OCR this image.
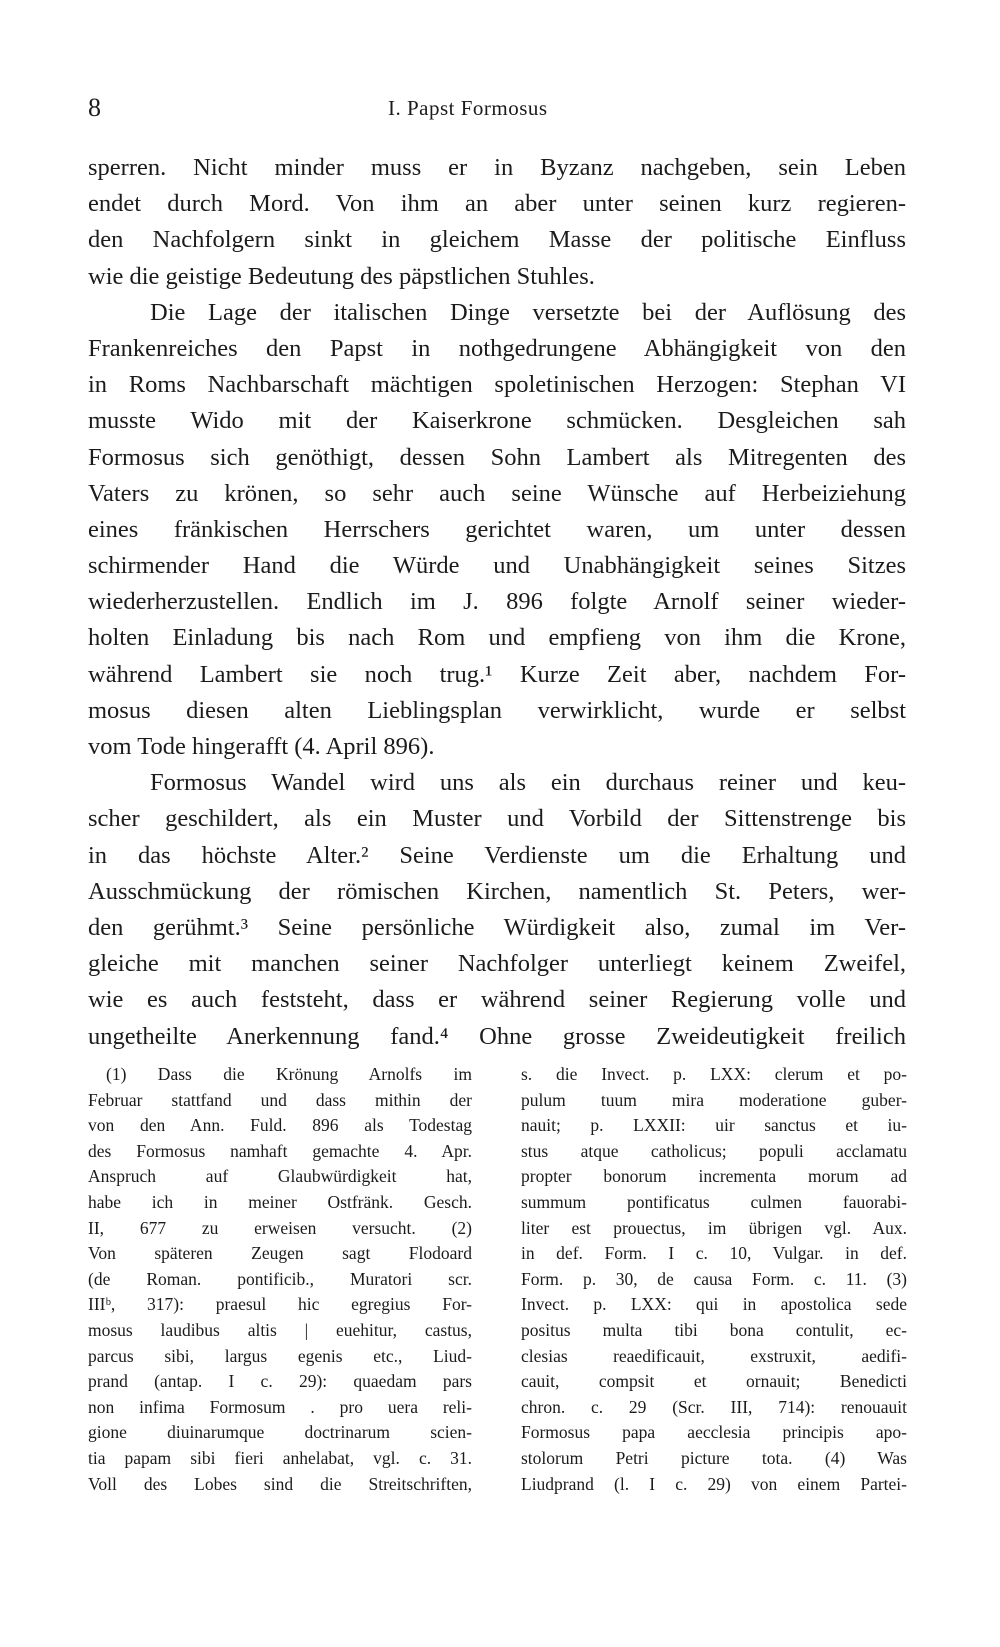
8	I. Papst Formosus
sperren. Nicht minder muss er in Byzanz nachgeben, sein Leben
endet durch Mord. Von ihm an aber unter seinen kurz regieren-
den Nachfolgern sinkt in gleichem Masse der politische Einfluss
wie die geistige Bedeutung des päpstlichen Stuhles.
Die Lage der italischen Dinge versetzte bei der Auflösung des
Frankenreiches den Papst in nothgedrungene Abhängigkeit von den
in Roms Nachbarschaft mächtigen spoletinischen Herzogen: Stephan VI
musste Wido mit der Kaiserkrone schmücken. Desgleichen sah
Formosus sich genöthigt, dessen Sohn Lambert als Mitregenten des
Vaters zu krönen, so sehr auch seine Wünsche auf Herbeiziehung
eines fränkischen Herrschers gerichtet waren, um unter dessen
schirmender Hand die Würde und Unabhängigkeit seines Sitzes
wiederherzustellen. Endlich im J. 896 folgte Arnolf seiner wieder-
holten Einladung bis nach Rom und empfieng von ihm die Krone,
während Lambert sie noch trug.¹ Kurze Zeit aber, nachdem For-
mosus diesen alten Lieblingsplan verwirklicht, wurde er selbst
vom Tode hingerafft (4. April 896).
Formosus Wandel wird uns als ein durchaus reiner und keu-
scher geschildert, als ein Muster und Vorbild der Sittenstrenge bis
in das höchste Alter.² Seine Verdienste um die Erhaltung und
Ausschmückung der römischen Kirchen, namentlich St. Peters, wer-
den gerühmt.³ Seine persönliche Würdigkeit also, zumal im Ver-
gleiche mit manchen seiner Nachfolger unterliegt keinem Zweifel,
wie es auch feststeht, dass er während seiner Regierung volle und
ungetheilte Anerkennung fand.⁴ Ohne grosse Zweideutigkeit freilich
(1) Dass die Krönung Arnolfs im
Februar stattfand und dass mithin der
von den Ann. Fuld. 896 als Todestag
des Formosus namhaft gemachte 4. Apr.
Anspruch auf Glaubwürdigkeit hat,
habe ich in meiner Ostfränk. Gesch.
II, 677 zu erweisen versucht. (2)
Von späteren Zeugen sagt Flodoard
(de Roman. pontificib., Muratori scr.
IIIᵇ, 317): praesul hic egregius For-
mosus laudibus altis | euehitur, castus,
parcus sibi, largus egenis etc., Liud-
prand (antap. I c. 29): quaedam pars
non infima Formosum . pro uera reli-
gione diuinarumque doctrinarum scien-
tia papam sibi fieri anhelabat, vgl. c. 31.
Voll des Lobes sind die Streitschriften,
s. die Invect. p. LXX: clerum et po-
pulum tuum mira moderatione guber-
nauit; p. LXXII: uir sanctus et iu-
stus atque catholicus; populi acclamatu
propter bonorum incrementa morum ad
summum pontificatus culmen fauorabi-
liter est prouectus, im übrigen vgl. Aux.
in def. Form. I c. 10, Vulgar. in def.
Form. p. 30, de causa Form. c. 11. (3)
Invect. p. LXX: qui in apostolica sede
positus multa tibi bona contulit, ec-
clesias reaedificauit, exstruxit, aedifi-
cauit, compsit et ornauit; Benedicti
chron. c. 29 (Scr. III, 714): renouauit
Formosus papa aecclesia principis apo-
stolorum Petri picture tota. (4) Was
Liudprand (l. I c. 29) von einem Partei-
